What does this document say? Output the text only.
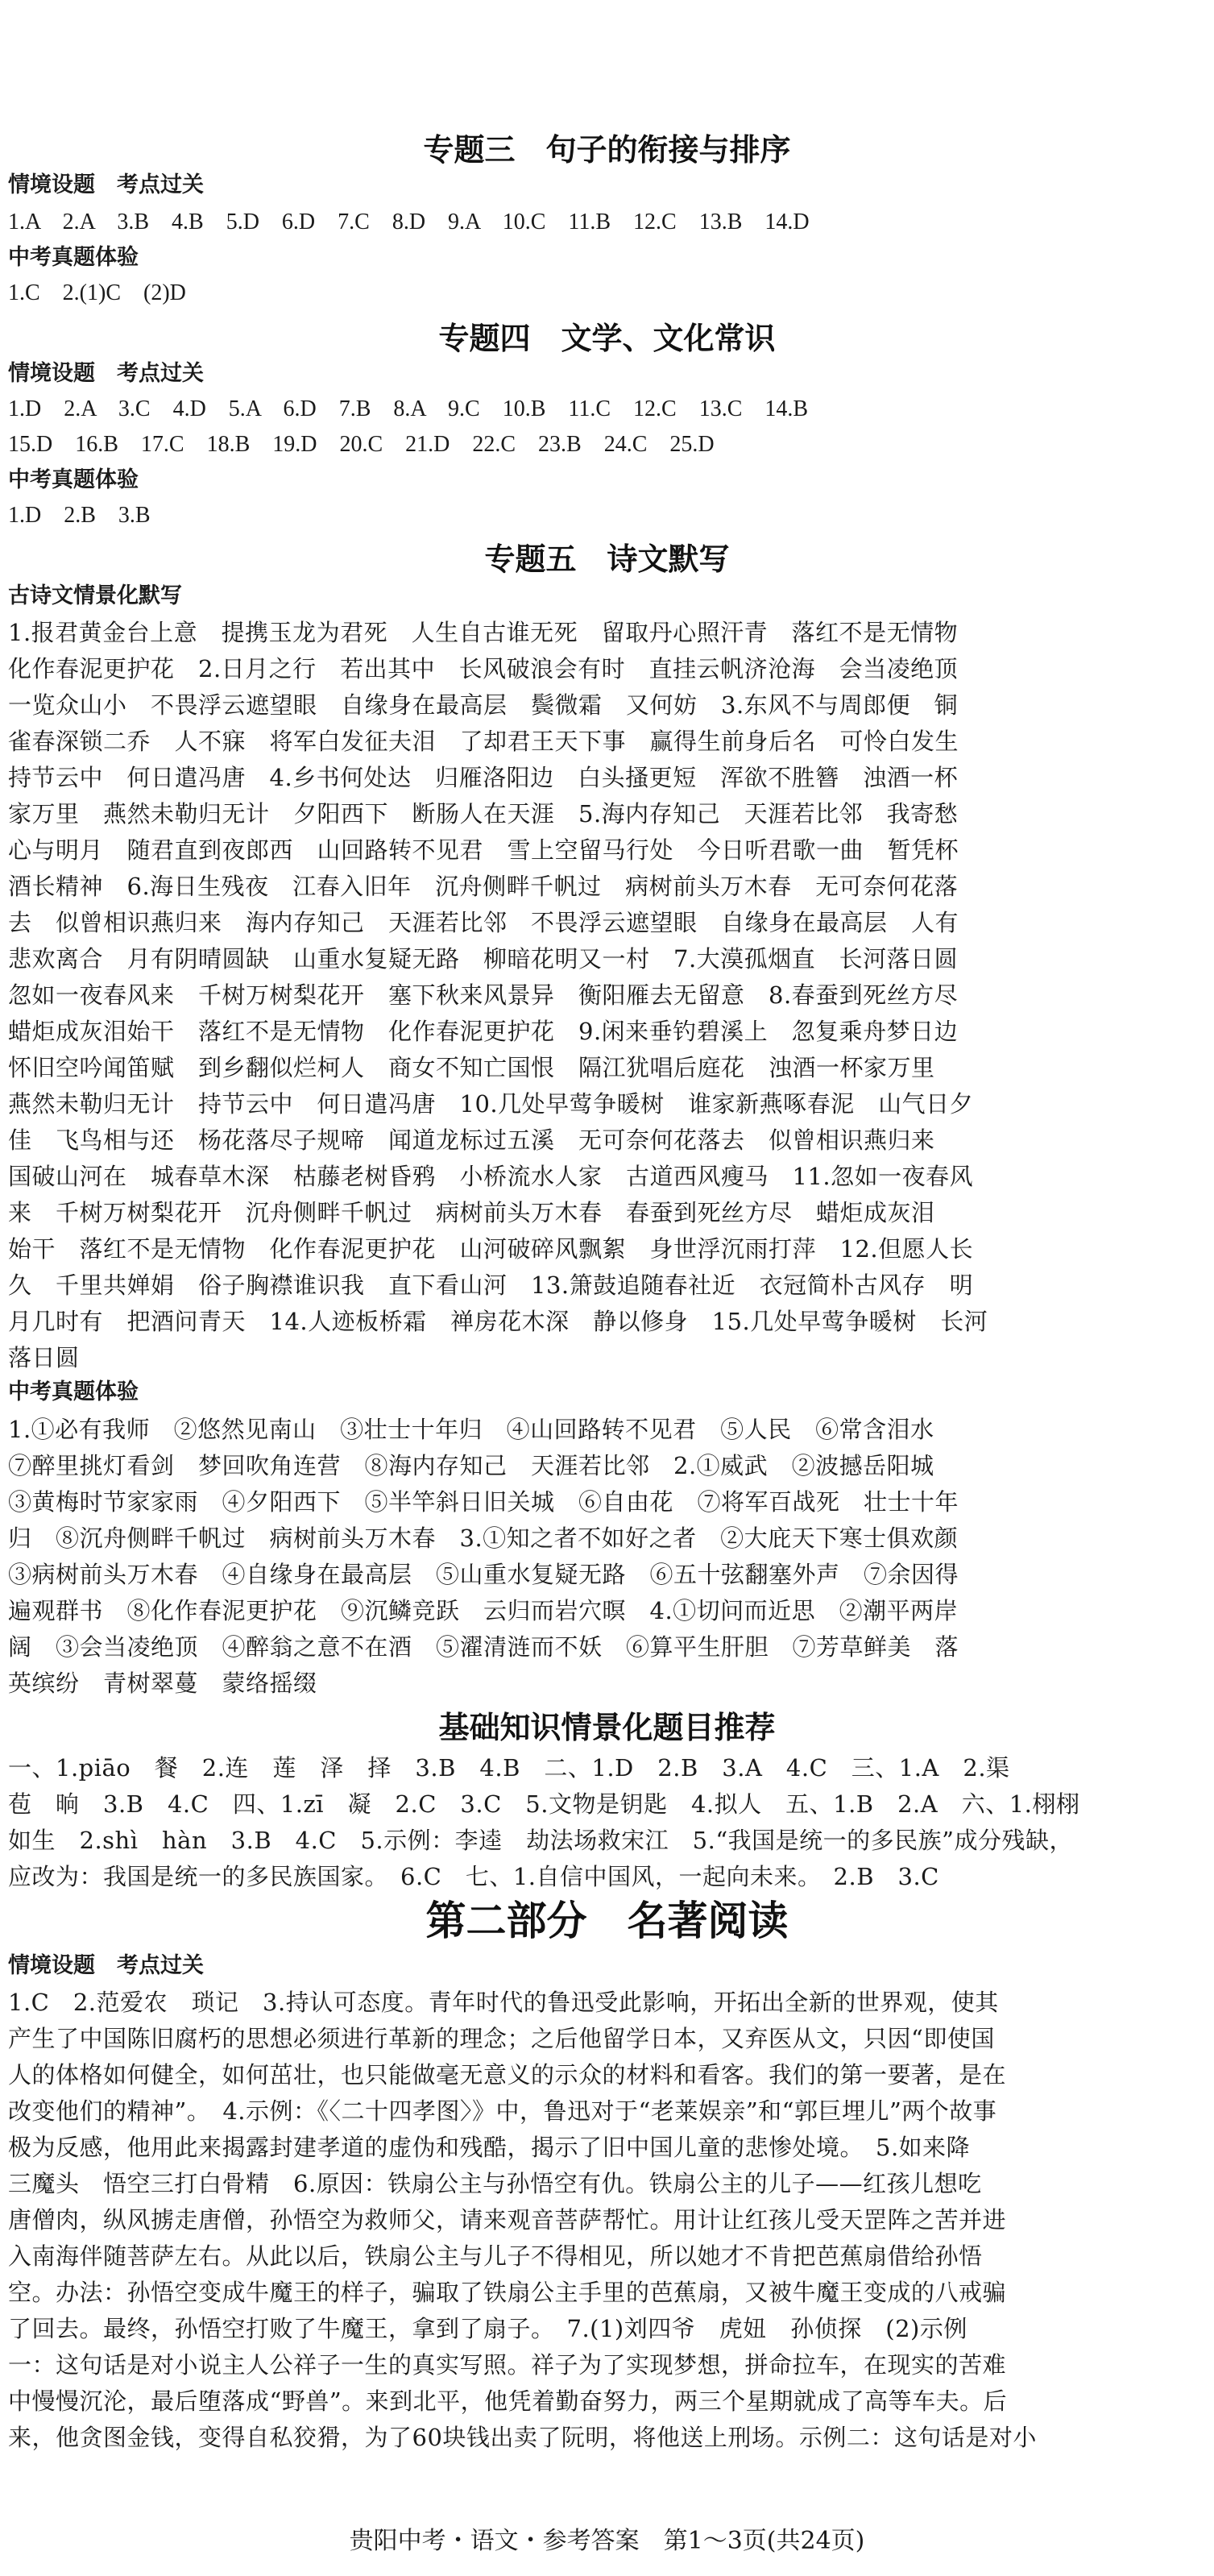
专题三　句子的衔接与排序
情境设题　考点过关
1.A　2.A　3.B　4.B　5.D　6.D　7.C　8.D　9.A　10.C　11.B　12.C　13.B　14.D
中考真题体验
1.C　2.(1)C　(2)D
专题四　文学、文化常识
情境设题　考点过关
1.D　2.A　3.C　4.D　5.A　6.D　7.B　8.A　9.C　10.B　11.C　12.C　13.C　14.B
15.D　16.B　17.C　18.B　19.D　20.C　21.D　22.C　23.B　24.C　25.D
中考真题体验
1.D　2.B　3.B
专题五　诗文默写
古诗文情景化默写
1.报君黄金台上意　提携玉龙为君死　人生自古谁无死　留取丹心照汗青　落红不是无情物
化作春泥更护花　2.日月之行　若出其中　长风破浪会有时　直挂云帆济沧海　会当凌绝顶
一览众山小　不畏浮云遮望眼　自缘身在最高层　鬓微霜　又何妨　3.东风不与周郎便　铜
雀春深锁二乔　人不寐　将军白发征夫泪　了却君王天下事　赢得生前身后名　可怜白发生
持节云中　何日遣冯唐　4.乡书何处达　归雁洛阳边　白头搔更短　浑欲不胜簪　浊酒一杯
家万里　燕然未勒归无计　夕阳西下　断肠人在天涯　5.海内存知己　天涯若比邻　我寄愁
心与明月　随君直到夜郎西　山回路转不见君　雪上空留马行处　今日听君歌一曲　暂凭杯
酒长精神　6.海日生残夜　江春入旧年　沉舟侧畔千帆过　病树前头万木春　无可奈何花落
去　似曾相识燕归来　海内存知己　天涯若比邻　不畏浮云遮望眼　自缘身在最高层　人有
悲欢离合　月有阴晴圆缺　山重水复疑无路　柳暗花明又一村　7.大漠孤烟直　长河落日圆
忽如一夜春风来　千树万树梨花开　塞下秋来风景异　衡阳雁去无留意　8.春蚕到死丝方尽
蜡炬成灰泪始干　落红不是无情物　化作春泥更护花　9.闲来垂钓碧溪上　忽复乘舟梦日边
怀旧空吟闻笛赋　到乡翻似烂柯人　商女不知亡国恨　隔江犹唱后庭花　浊酒一杯家万里
燕然未勒归无计　持节云中　何日遣冯唐　10.几处早莺争暖树　谁家新燕啄春泥　山气日夕
佳　飞鸟相与还　杨花落尽子规啼　闻道龙标过五溪　无可奈何花落去　似曾相识燕归来
国破山河在　城春草木深　枯藤老树昏鸦　小桥流水人家　古道西风瘦马　11.忽如一夜春风
来　千树万树梨花开　沉舟侧畔千帆过　病树前头万木春　春蚕到死丝方尽　蜡炬成灰泪
始干　落红不是无情物　化作春泥更护花　山河破碎风飘絮　身世浮沉雨打萍　12.但愿人长
久　千里共婵娟　俗子胸襟谁识我　直下看山河　13.箫鼓追随春社近　衣冠简朴古风存　明
月几时有　把酒问青天　14.人迹板桥霜　禅房花木深　静以修身　15.几处早莺争暖树　长河
落日圆
中考真题体验
1.①必有我师　②悠然见南山　③壮士十年归　④山回路转不见君　⑤人民　⑥常含泪水
⑦醉里挑灯看剑　梦回吹角连营　⑧海内存知己　天涯若比邻　2.①威武　②波撼岳阳城
③黄梅时节家家雨　④夕阳西下　⑤半竿斜日旧关城　⑥自由花　⑦将军百战死　壮士十年
归　⑧沉舟侧畔千帆过　病树前头万木春　3.①知之者不如好之者　②大庇天下寒士俱欢颜
③病树前头万木春　④自缘身在最高层　⑤山重水复疑无路　⑥五十弦翻塞外声　⑦余因得
遍观群书　⑧化作春泥更护花　⑨沉鳞竞跃　云归而岩穴暝　4.①切问而近思　②潮平两岸
阔　③会当凌绝顶　④醉翁之意不在酒　⑤濯清涟而不妖　⑥算平生肝胆　⑦芳草鲜美　落
英缤纷　青树翠蔓　蒙络摇缀
基础知识情景化题目推荐
一、1.piāo　餐　2.连　莲　泽　择　3.B　4.B　二、1.D　2.B　3.A　4.C　三、1.A　2.渠
苞　晌　3.B　4.C　四、1.zī　凝　2.C　3.C　5.文物是钥匙　4.拟人　五、1.B　2.A　六、1.栩栩
如生　2.shì　hàn　3.B　4.C　5.示例：李逵　劫法场救宋江　5.“我国是统一的多民族”成分残缺，
应改为：我国是统一的多民族国家。　6.C　七、1.自信中国风，一起向未来。　2.B　3.C
第二部分　名著阅读
情境设题　考点过关
1.C　2.范爱农　琐记　3.持认可态度。青年时代的鲁迅受此影响，开拓出全新的世界观，使其
产生了中国陈旧腐朽的思想必须进行革新的理念；之后他留学日本，又弃医从文，只因“即使国
人的体格如何健全，如何茁壮，也只能做毫无意义的示众的材料和看客。我们的第一要著，是在
改变他们的精神”。　4.示例：《〈二十四孝图〉》中，鲁迅对于“老莱娱亲”和“郭巨埋儿”两个故事
极为反感，他用此来揭露封建孝道的虚伪和残酷，揭示了旧中国儿童的悲惨处境。　5.如来降
三魔头　悟空三打白骨精　6.原因：铁扇公主与孙悟空有仇。铁扇公主的儿子——红孩儿想吃
唐僧肉，纵风掳走唐僧，孙悟空为救师父，请来观音菩萨帮忙。用计让红孩儿受天罡阵之苦并进
入南海伴随菩萨左右。从此以后，铁扇公主与儿子不得相见，所以她才不肯把芭蕉扇借给孙悟
空。办法：孙悟空变成牛魔王的样子，骗取了铁扇公主手里的芭蕉扇，又被牛魔王变成的八戒骗
了回去。最终，孙悟空打败了牛魔王，拿到了扇子。　7.(1)刘四爷　虎妞　孙侦探　(2)示例
一：这句话是对小说主人公祥子一生的真实写照。祥子为了实现梦想，拼命拉车，在现实的苦难
中慢慢沉沦，最后堕落成“野兽”。来到北平，他凭着勤奋努力，两三个星期就成了高等车夫。后
来，他贪图金钱，变得自私狡猾，为了60块钱出卖了阮明，将他送上刑场。示例二：这句话是对小
贵阳中考・语文・参考答案　第1～3页(共24页)
